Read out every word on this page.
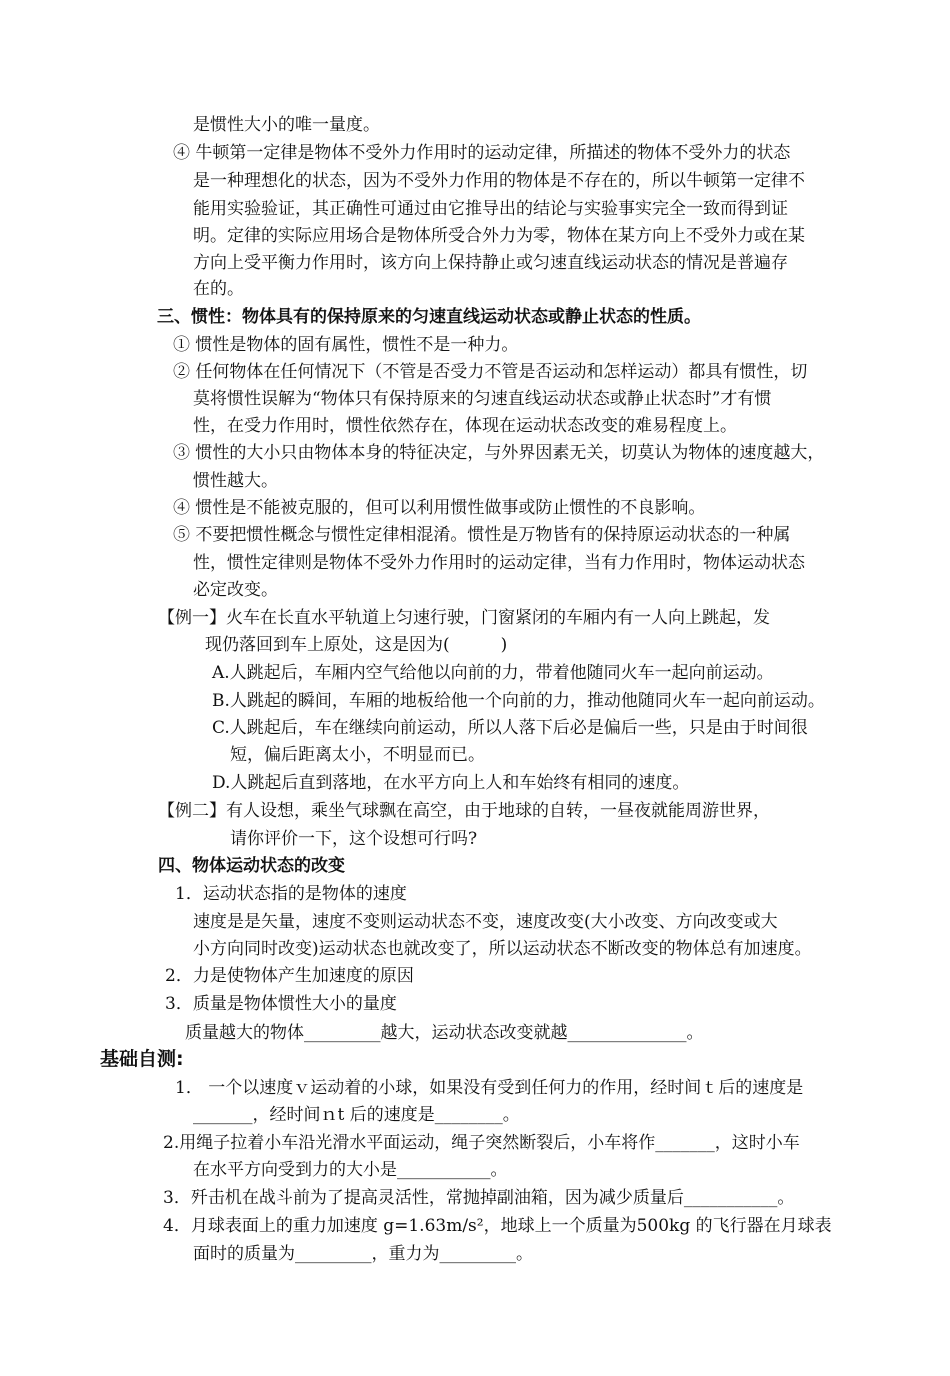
是惯性大小的唯一量度。
④ 牛顿第一定律是物体不受外力作用时的运动定律，所描述的物体不受外力的状态
是一种理想化的状态，因为不受外力作用的物体是不存在的，所以牛顿第一定律不
能用实验验证，其正确性可通过由它推导出的结论与实验事实完全一致而得到证
明。定律的实际应用场合是物体所受合外力为零，物体在某方向上不受外力或在某
方向上受平衡力作用时，该方向上保持静止或匀速直线运动状态的情况是普遍存
在的。
三、惯性：物体具有的保持原来的匀速直线运动状态或静止状态的性质。
① 惯性是物体的固有属性，惯性不是一种力。
② 任何物体在任何情况下（不管是否受力不管是否运动和怎样运动）都具有惯性，切
莫将惯性误解为“物体只有保持原来的匀速直线运动状态或静止状态时”才有惯
性，在受力作用时，惯性依然存在，体现在运动状态改变的难易程度上。
③ 惯性的大小只由物体本身的特征决定，与外界因素无关，切莫认为物体的速度越大，
惯性越大。
④ 惯性是不能被克服的，但可以利用惯性做事或防止惯性的不良影响。
⑤ 不要把惯性概念与惯性定律相混淆。惯性是万物皆有的保持原运动状态的一种属
性，惯性定律则是物体不受外力作用时的运动定律，当有力作用时，物体运动状态
必定改变。
【例一】火车在长直水平轨道上匀速行驶，门窗紧闭的车厢内有一人向上跳起，发
现仍落回到车上原处，这是因为(　　　)
A.人跳起后，车厢内空气给他以向前的力，带着他随同火车一起向前运动。
B.人跳起的瞬间，车厢的地板给他一个向前的力，推动他随同火车一起向前运动。
C.人跳起后，车在继续向前运动，所以人落下后必是偏后一些，只是由于时间很
短，偏后距离太小，不明显而已。
D.人跳起后直到落地，在水平方向上人和车始终有相同的速度。
【例二】有人设想，乘坐气球飘在高空，由于地球的自转，一昼夜就能周游世界，
请你评价一下，这个设想可行吗?
四、物体运动状态的改变
1．运动状态指的是物体的速度
速度是是矢量，速度不变则运动状态不变，速度改变(大小改变、方向改变或大
小方向同时改变)运动状态也就改变了，所以运动状态不断改变的物体总有加速度。
2．力是使物体产生加速度的原因
3．质量是物体惯性大小的量度
质量越大的物体_________越大，运动状态改变就越______________。
基础自测:
1． 一个以速度ｖ运动着的小球，如果没有受到任何力的作用，经时间ｔ后的速度是
_______，经时间ｎt 后的速度是________。
2.用绳子拉着小车沿光滑水平面运动，绳子突然断裂后，小车将作_______，这时小车
在水平方向受到力的大小是___________。
3．歼击机在战斗前为了提高灵活性，常抛掉副油箱，因为减少质量后___________。
4．月球表面上的重力加速度 g=1.63m/s²，地球上一个质量为500kg 的飞行器在月球表
面时的质量为_________，重力为_________。
